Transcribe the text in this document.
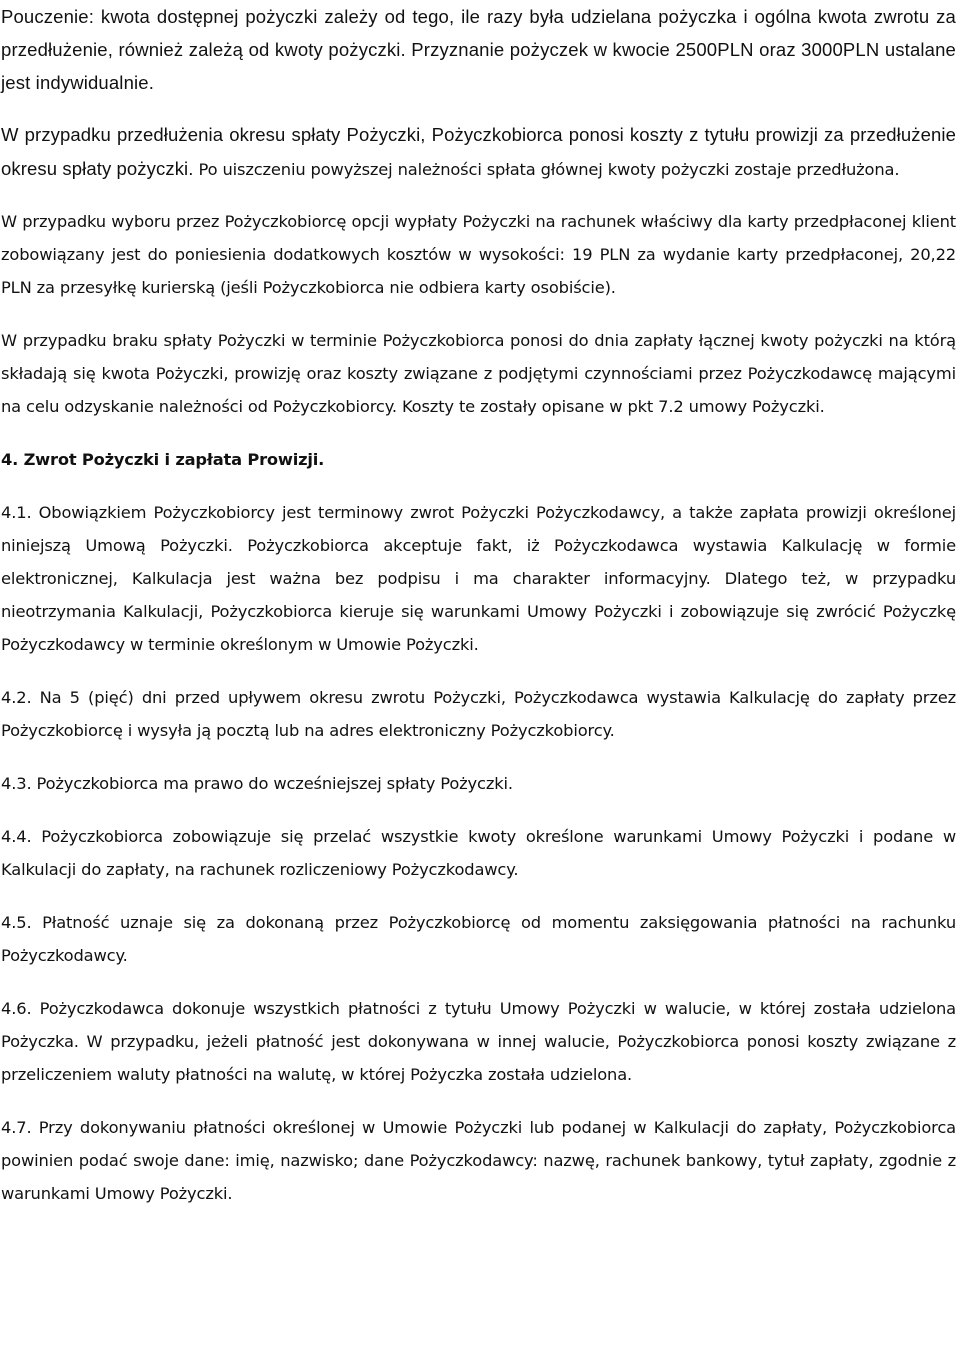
Pouczenie: kwota dostępnej pożyczki zależy od tego, ile razy była udzielana pożyczka i ogólna kwota zwrotu za przedłużenie, również zależą od kwoty pożyczki. Przyznanie pożyczek w kwocie 2500PLN oraz 3000PLN ustalane jest indywidualnie.

W przypadku przedłużenia okresu spłaty Pożyczki, Pożyczkobiorca ponosi koszty z tytułu prowizji za przedłużenie okresu spłaty pożyczki. Po uiszczeniu powyższej należności spłata głównej kwoty pożyczki zostaje przedłużona.

W przypadku wyboru przez Pożyczkobiorcę opcji wypłaty Pożyczki na rachunek właściwy dla karty przedpłaconej klient zobowiązany jest do poniesienia dodatkowych kosztów w wysokości: 19 PLN za wydanie karty przedpłaconej, 20,22 PLN za przesyłkę kurierską (jeśli Pożyczkobiorca nie odbiera karty osobiście).

W przypadku braku spłaty Pożyczki w terminie Pożyczkobiorca ponosi do dnia zapłaty łącznej kwoty pożyczki na którą składają się kwota Pożyczki, prowizję oraz koszty związane z podjętymi czynnościami przez Pożyczkodawcę mającymi na celu odzyskanie należności od Pożyczkobiorcy. Koszty te zostały opisane w pkt 7.2 umowy Pożyczki.

4. Zwrot Pożyczki i zapłata Prowizji.

4.1. Obowiązkiem Pożyczkobiorcy jest terminowy zwrot Pożyczki Pożyczkodawcy, a także zapłata prowizji określonej niniejszą Umową Pożyczki. Pożyczkobiorca akceptuje fakt, iż Pożyczkodawca wystawia Kalkulację w formie elektronicznej, Kalkulacja jest ważna bez podpisu i ma charakter informacyjny. Dlatego też, w przypadku nieotrzymania Kalkulacji, Pożyczkobiorca kieruje się warunkami Umowy Pożyczki i zobowiązuje się zwrócić Pożyczkę Pożyczkodawcy w terminie określonym w Umowie Pożyczki.

4.2. Na 5 (pięć) dni przed upływem okresu zwrotu Pożyczki, Pożyczkodawca wystawia Kalkulację do zapłaty przez Pożyczkobiorcę i wysyła ją pocztą lub na adres elektroniczny Pożyczkobiorcy.

4.3. Pożyczkobiorca ma prawo do wcześniejszej spłaty Pożyczki.

4.4. Pożyczkobiorca zobowiązuje się przelać wszystkie kwoty określone warunkami Umowy Pożyczki i podane w Kalkulacji do zapłaty, na rachunek rozliczeniowy Pożyczkodawcy.

4.5. Płatność uznaje się za dokonaną przez Pożyczkobiorcę od momentu zaksięgowania płatności na rachunku Pożyczkodawcy.

4.6. Pożyczkodawca dokonuje wszystkich płatności z tytułu Umowy Pożyczki w walucie, w której została udzielona Pożyczka. W przypadku, jeżeli płatność jest dokonywana w innej walucie, Pożyczkobiorca ponosi koszty związane z przeliczeniem waluty płatności na walutę, w której Pożyczka została udzielona.

4.7. Przy dokonywaniu płatności określonej w Umowie Pożyczki lub podanej w Kalkulacji do zapłaty, Pożyczkobiorca powinien podać swoje dane: imię, nazwisko; dane Pożyczkodawcy: nazwę, rachunek bankowy, tytuł zapłaty, zgodnie z warunkami Umowy Pożyczki.
